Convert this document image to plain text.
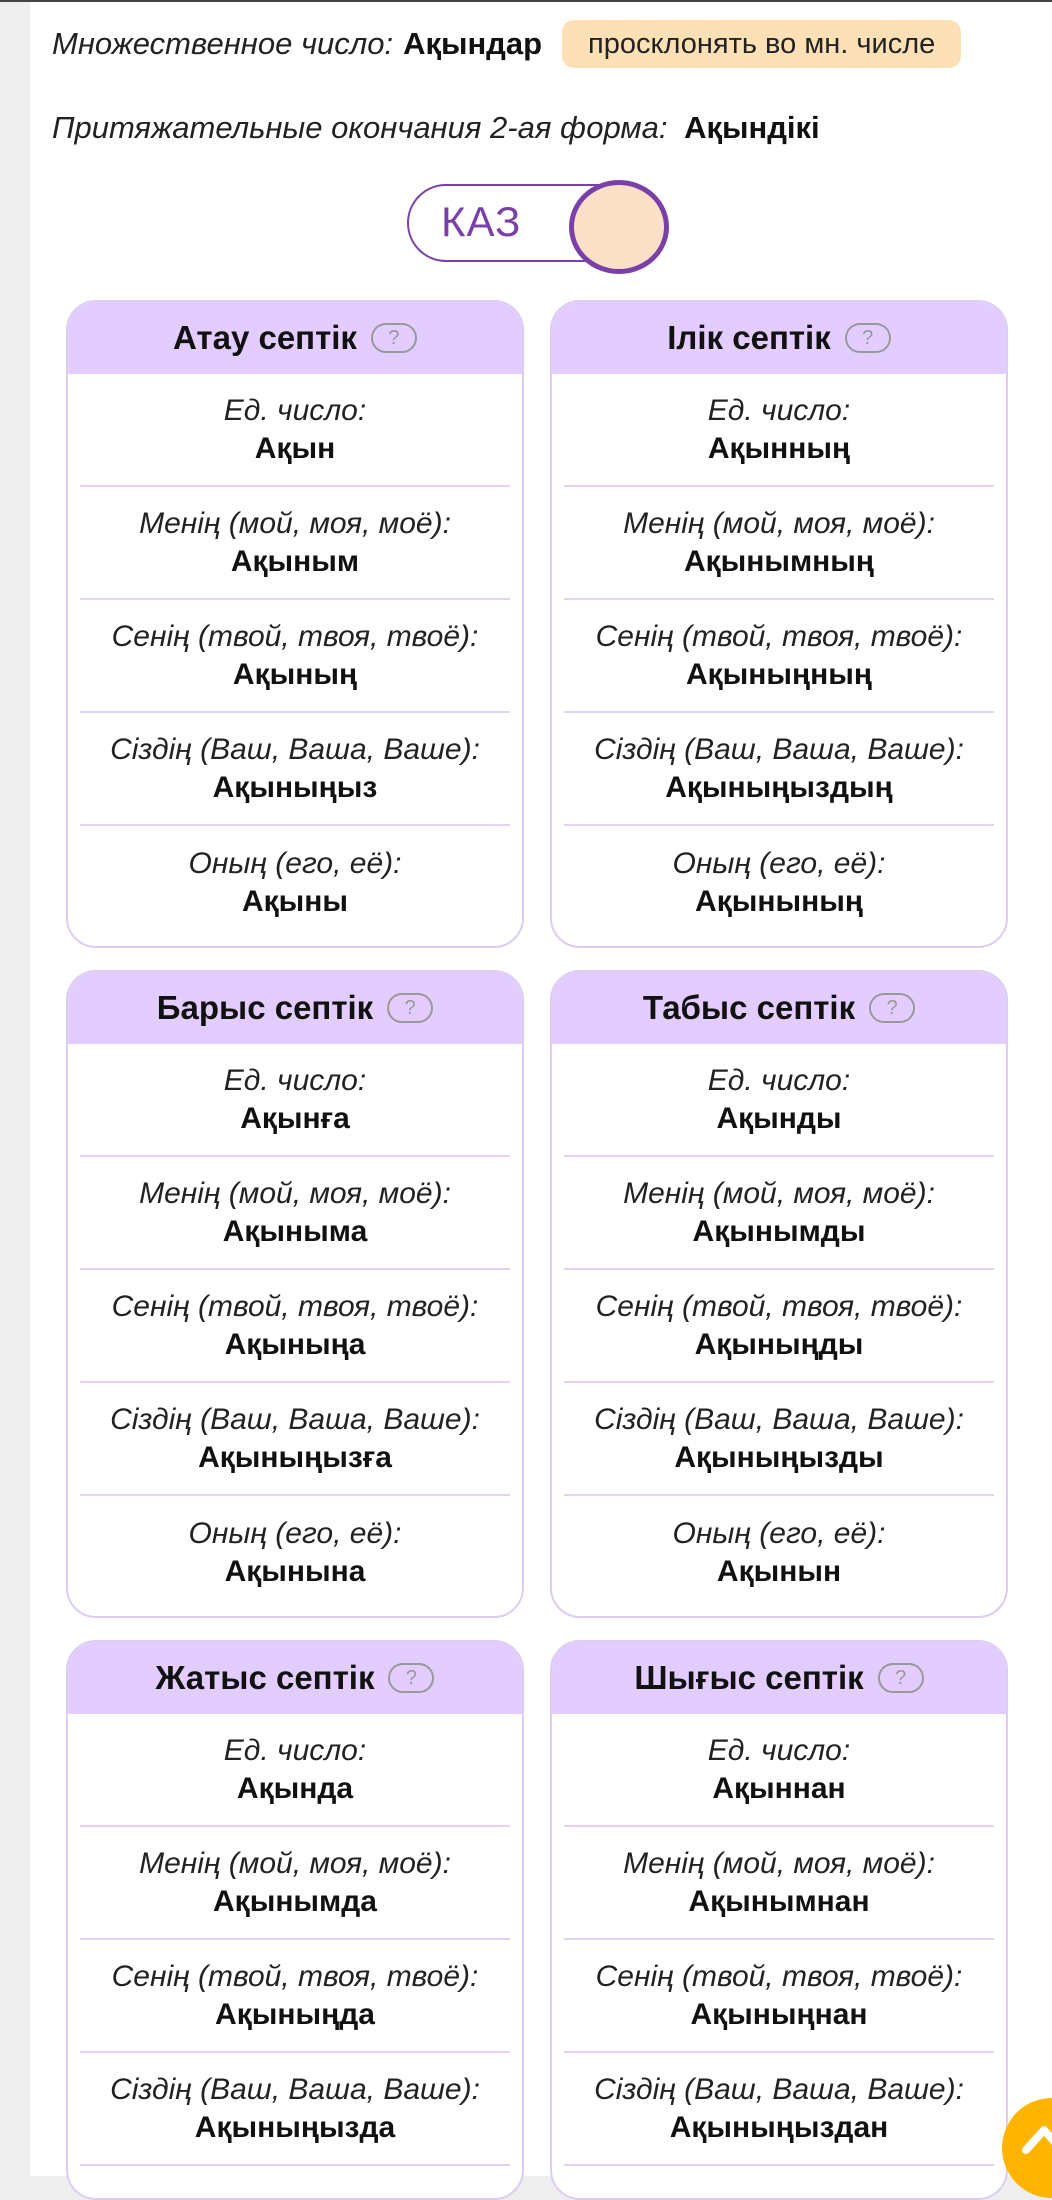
Множественное число: Ақындар	просклонять во мн. числе
Притяжательные окончания 2-ая форма: Ақындікі
КАЗ
Атау септік	?
Ед. число:
Ақын
Менің (мой, моя, моё):
Ақыным
Сенің (твой, твоя, твоё):
Ақының
Сіздің (Ваш, Ваша, Ваше):
Ақыныңыз
Оның (его, её):
Ақыны
Ілік септік	?
Ед. число:
Ақынның
Менің (мой, моя, моё):
Ақынымның
Сенің (твой, твоя, твоё):
Ақыныңның
Сіздің (Ваш, Ваша, Ваше):
Ақыныңыздың
Оның (его, её):
Ақынының
Барыс септік	?
Ед. число:
Ақынға
Менің (мой, моя, моё):
Ақыныма
Сенің (твой, твоя, твоё):
Ақыныңа
Сіздің (Ваш, Ваша, Ваше):
Ақыныңызға
Оның (его, её):
Ақынына
Табыс септік	?
Ед. число:
Ақынды
Менің (мой, моя, моё):
Ақынымды
Сенің (твой, твоя, твоё):
Ақыныңды
Сіздің (Ваш, Ваша, Ваше):
Ақыныңызды
Оның (его, её):
Ақынын
Жатыс септік	?
Ед. число:
Ақында
Менің (мой, моя, моё):
Ақынымда
Сенің (твой, твоя, твоё):
Ақыныңда
Сіздің (Ваш, Ваша, Ваше):
Ақыныңызда
Шығыс септік	?
Ед. число:
Ақыннан
Менің (мой, моя, моё):
Ақынымнан
Сенің (твой, твоя, твоё):
Ақыныңнан
Сіздің (Ваш, Ваша, Ваше):
Ақыныңыздан
